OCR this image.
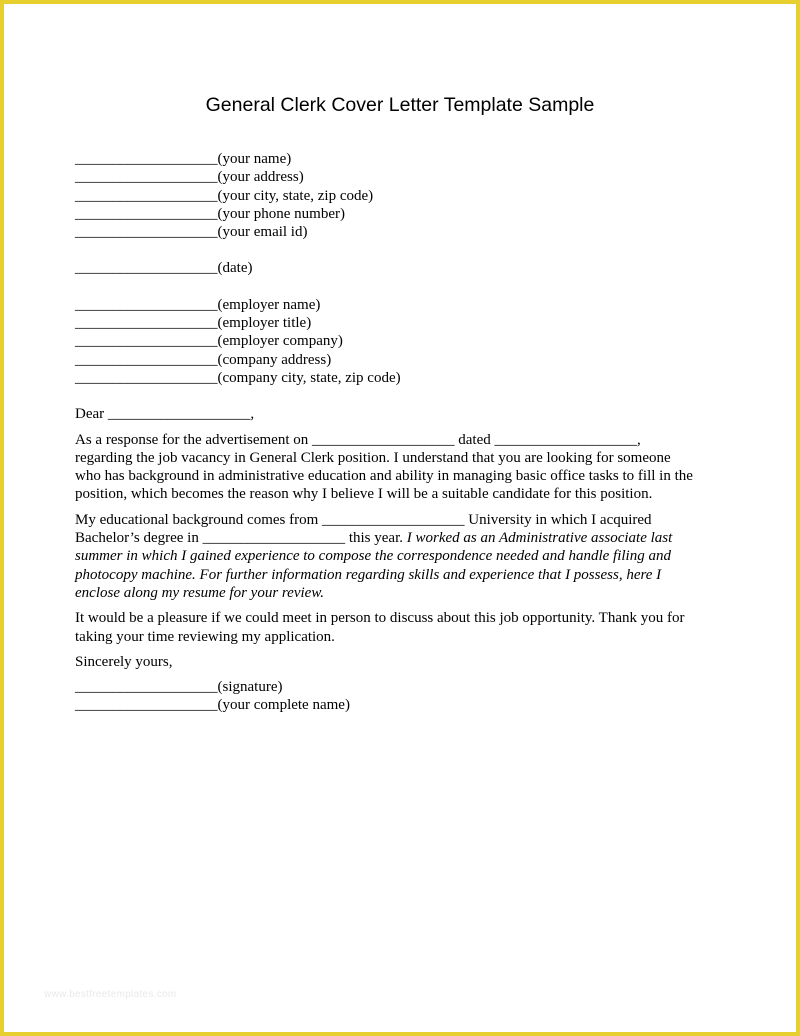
General Clerk Cover Letter Template Sample
___________________(your name)
___________________(your address)
___________________(your city, state, zip code)
___________________(your phone number)
___________________(your email id)
___________________(date)
___________________(employer name)
___________________(employer title)
___________________(employer company)
___________________(company address)
___________________(company city, state, zip code)
Dear ___________________,
As a response for the advertisement on ___________________ dated ___________________,
regarding the job vacancy in General Clerk position. I understand that you are looking for someone
who has background in administrative education and ability in managing basic office tasks to fill in the
position, which becomes the reason why I believe I will be a suitable candidate for this position.
My educational background comes from ___________________ University in which I acquired
Bachelor’s degree in ___________________ this year. I worked as an Administrative associate last
summer in which I gained experience to compose the correspondence needed and handle filing and
photocopy machine. For further information regarding skills and experience that I possess, here I
enclose along my resume for your review.
It would be a pleasure if we could meet in person to discuss about this job opportunity. Thank you for
taking your time reviewing my application.
Sincerely yours,
___________________(signature)
___________________(your complete name)
www.bestfreetemplates.com
